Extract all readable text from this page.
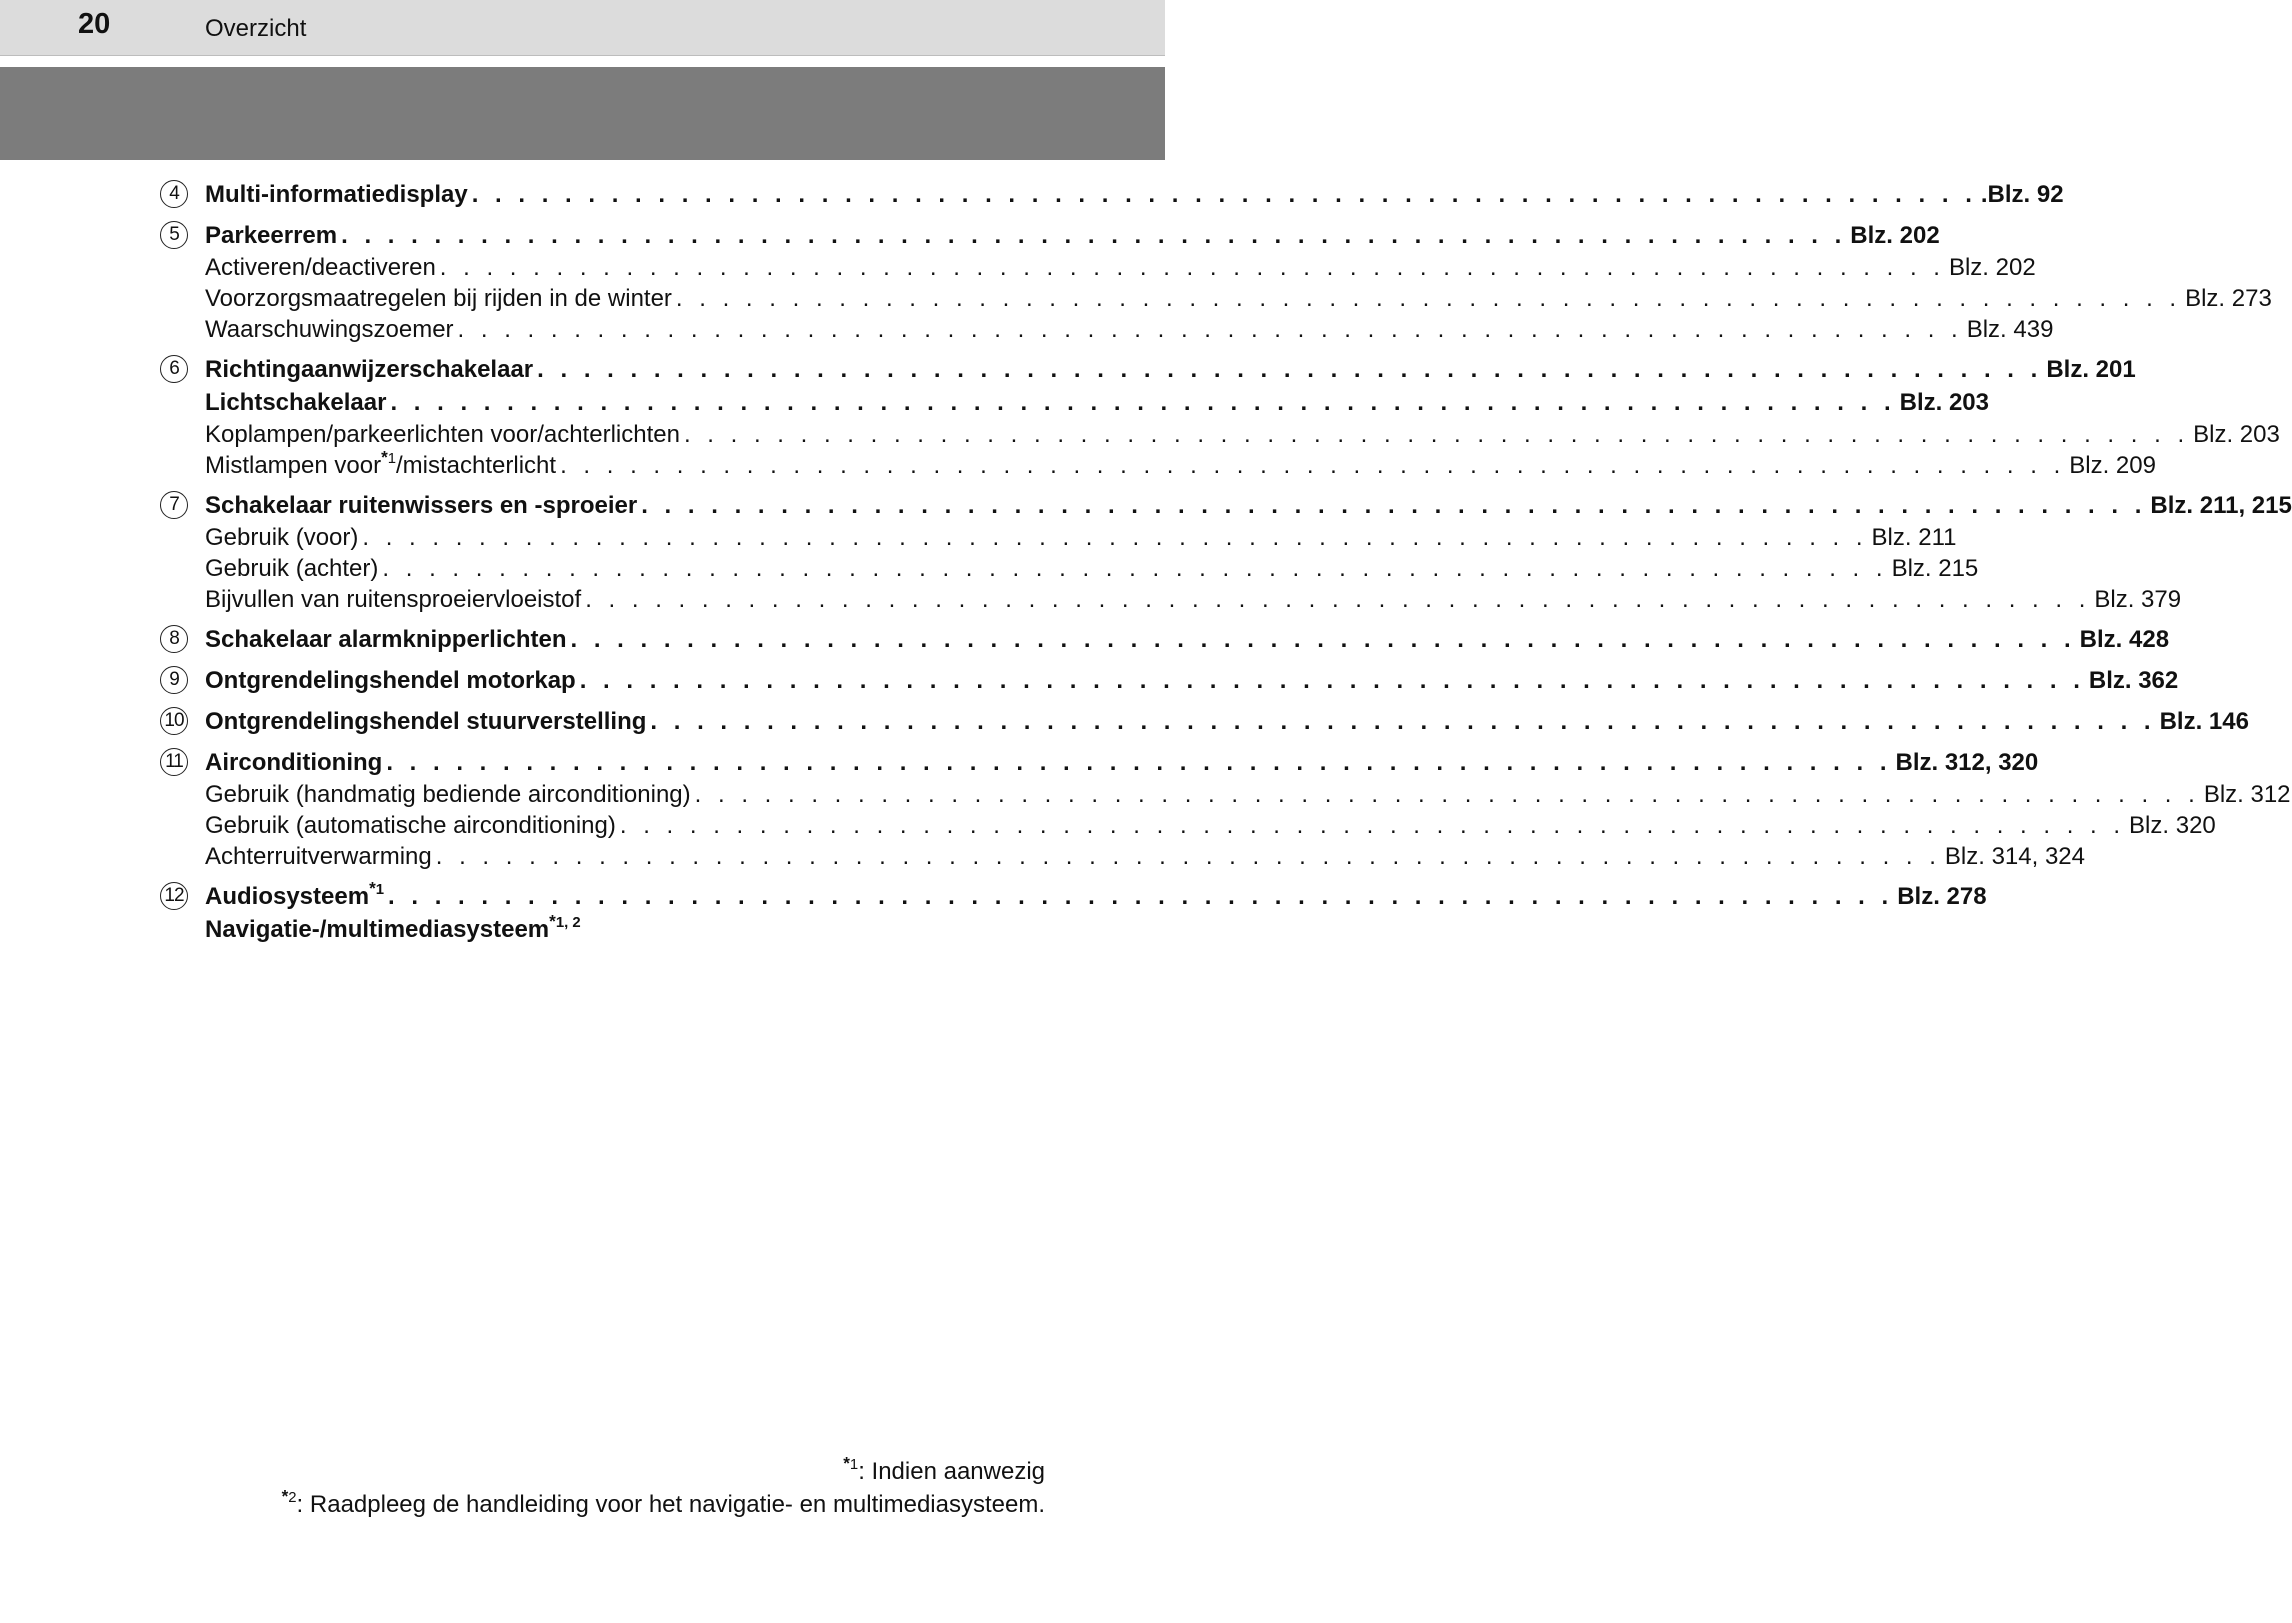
20	Overzicht
4	Multi-informatiedisplay . . . . . . . . . . . . . . . . . . . . . . . . . . . . . . . . . . . . . . . . . . . . . . . . . . . . . . . . . . . . . . . . . .Blz. 92
5	Parkeerrem . . . . . . . . . . . . . . . . . . . . . . . . . . . . . . . . . . . . . . . . . . . . . . . . . . . . . . . . . . . . . . . . . Blz. 202
Activeren/deactiveren . . . . . . . . . . . . . . . . . . . . . . . . . . . . . . . . . . . . . . . . . . . . . . . . . . . . . . . . . . . . . . . . . Blz. 202
Voorzorgsmaatregelen bij rijden in de winter . . . . . . . . . . . . . . . . . . . . . . . . . . . . . . . . . . . . . . . . . . . . . . . . . . . . . . . . . . . . . . . . . Blz. 273
Waarschuwingszoemer . . . . . . . . . . . . . . . . . . . . . . . . . . . . . . . . . . . . . . . . . . . . . . . . . . . . . . . . . . . . . . . . . Blz. 439
6	Richtingaanwijzerschakelaar . . . . . . . . . . . . . . . . . . . . . . . . . . . . . . . . . . . . . . . . . . . . . . . . . . . . . . . . . . . . . . . . . Blz. 201
Lichtschakelaar . . . . . . . . . . . . . . . . . . . . . . . . . . . . . . . . . . . . . . . . . . . . . . . . . . . . . . . . . . . . . . . . . Blz. 203
Koplampen/parkeerlichten voor/achterlichten . . . . . . . . . . . . . . . . . . . . . . . . . . . . . . . . . . . . . . . . . . . . . . . . . . . . . . . . . . . . . . . . . Blz. 203
Mistlampen voor$^{*1}$/mistachterlicht . . . . . . . . . . . . . . . . . . . . . . . . . . . . . . . . . . . . . . . . . . . . . . . . . . . . . . . . . . . . . . . . . Blz. 209
7	Schakelaar ruitenwissers en -sproeier . . . . . . . . . . . . . . . . . . . . . . . . . . . . . . . . . . . . . . . . . . . . . . . . . . . . . . . . . . . . . . . . . Blz. 211, 215
Gebruik (voor) . . . . . . . . . . . . . . . . . . . . . . . . . . . . . . . . . . . . . . . . . . . . . . . . . . . . . . . . . . . . . . . . . Blz. 211
Gebruik (achter) . . . . . . . . . . . . . . . . . . . . . . . . . . . . . . . . . . . . . . . . . . . . . . . . . . . . . . . . . . . . . . . . . Blz. 215
Bijvullen van ruitensproeiervloeistof . . . . . . . . . . . . . . . . . . . . . . . . . . . . . . . . . . . . . . . . . . . . . . . . . . . . . . . . . . . . . . . . . Blz. 379
8	Schakelaar alarmknipperlichten . . . . . . . . . . . . . . . . . . . . . . . . . . . . . . . . . . . . . . . . . . . . . . . . . . . . . . . . . . . . . . . . . Blz. 428
9	Ontgrendelingshendel motorkap . . . . . . . . . . . . . . . . . . . . . . . . . . . . . . . . . . . . . . . . . . . . . . . . . . . . . . . . . . . . . . . . . Blz. 362
10 Ontgrendelingshendel stuurverstelling . . . . . . . . . . . . . . . . . . . . . . . . . . . . . . . . . . . . . . . . . . . . . . . . . . . . . . . . . . . . . . . . . Blz. 146
11 Airconditioning . . . . . . . . . . . . . . . . . . . . . . . . . . . . . . . . . . . . . . . . . . . . . . . . . . . . . . . . . . . . . . . . . Blz. 312, 320
Gebruik (handmatig bediende airconditioning) . . . . . . . . . . . . . . . . . . . . . . . . . . . . . . . . . . . . . . . . . . . . . . . . . . . . . . . . . . . . . . . . . Blz. 312
Gebruik (automatische airconditioning) . . . . . . . . . . . . . . . . . . . . . . . . . . . . . . . . . . . . . . . . . . . . . . . . . . . . . . . . . . . . . . . . . Blz. 320
Achterruitverwarming . . . . . . . . . . . . . . . . . . . . . . . . . . . . . . . . . . . . . . . . . . . . . . . . . . . . . . . . . . . . . . . . . Blz. 314, 324
12 Audiosysteem$^{*1}$ . . . . . . . . . . . . . . . . . . . . . . . . . . . . . . . . . . . . . . . . . . . . . . . . . . . . . . . . . . . . . . . . . Blz. 278
Navigatie-/multimediasysteem$^{*1, 2}$
$^{*1}$: Indien aanwezig
$^{*2}$: Raadpleeg de handleiding voor het navigatie- en multimediasysteem.
